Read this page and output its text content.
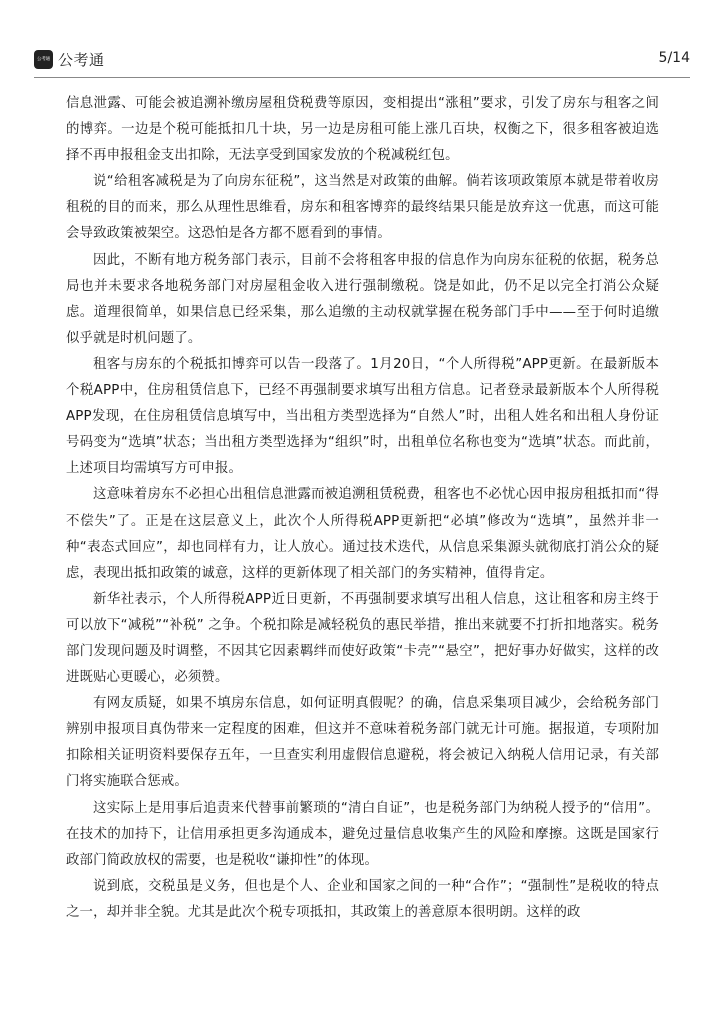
公考通 公考通	5/14

信息泄露、可能会被追溯补缴房屋租贷税费等原因，变相提出“涨租”要求，引发了房东与租客之间的博弈。一边是个税可能抵扣几十块，另一边是房租可能上涨几百块，权衡之下，很多租客被迫选择不再申报租金支出扣除，无法享受到国家发放的个税减税红包。

说“给租客减税是为了向房东征税”，这当然是对政策的曲解。倘若该项政策原本就是带着收房租税的目的而来，那么从理性思维看，房东和租客博弈的最终结果只能是放弃这一优惠，而这可能会导致政策被架空。这恐怕是各方都不愿看到的事情。

因此，不断有地方税务部门表示，目前不会将租客申报的信息作为向房东征税的依据，税务总局也并未要求各地税务部门对房屋租金收入进行强制缴税。饶是如此，仍不足以完全打消公众疑虑。道理很简单，如果信息已经采集，那么追缴的主动权就掌握在税务部门手中——至于何时追缴似乎就是时机问题了。

租客与房东的个税抵扣博弈可以告一段落了。1月20日，“个人所得税”APP更新。在最新版本个税APP中，住房租赁信息下，已经不再强制要求填写出租方信息。记者登录最新版本个人所得税APP发现，在住房租赁信息填写中，当出租方类型选择为“自然人”时，出租人姓名和出租人身份证号码变为“选填”状态；当出租方类型选择为“组织”时，出租单位名称也变为“选填”状态。而此前，上述项目均需填写方可申报。

这意味着房东不必担心出租信息泄露而被追溯租赁税费，租客也不必忧心因申报房租抵扣而“得不偿失”了。正是在这层意义上，此次个人所得税APP更新把“必填”修改为“选填”，虽然并非一种“表态式回应”，却也同样有力，让人放心。通过技术迭代，从信息采集源头就彻底打消公众的疑虑，表现出抵扣政策的诚意，这样的更新体现了相关部门的务实精神，值得肯定。

新华社表示，个人所得税APP近日更新，不再强制要求填写出租人信息，这让租客和房主终于可以放下“减税”“补税” 之争。个税扣除是减轻税负的惠民举措，推出来就要不打折扣地落实。税务部门发现问题及时调整，不因其它因素羁绊而使好政策“卡壳”“悬空”，把好事办好做实，这样的改进既贴心更暖心，必须赞。

有网友质疑，如果不填房东信息，如何证明真假呢？的确，信息采集项目减少，会给税务部门辨别申报项目真伪带来一定程度的困难，但这并不意味着税务部门就无计可施。据报道，专项附加扣除相关证明资料要保存五年，一旦查实利用虚假信息避税，将会被记入纳税人信用记录，有关部门将实施联合惩戒。

这实际上是用事后追责来代替事前繁琐的“清白自证”，也是税务部门为纳税人授予的“信用”。在技术的加持下，让信用承担更多沟通成本，避免过量信息收集产生的风险和摩擦。这既是国家行政部门简政放权的需要，也是税收“谦抑性”的体现。

说到底，交税虽是义务，但也是个人、企业和国家之间的一种“合作”；“强制性”是税收的特点之一，却并非全貌。尤其是此次个税专项抵扣，其政策上的善意原本很明朗。这样的政
